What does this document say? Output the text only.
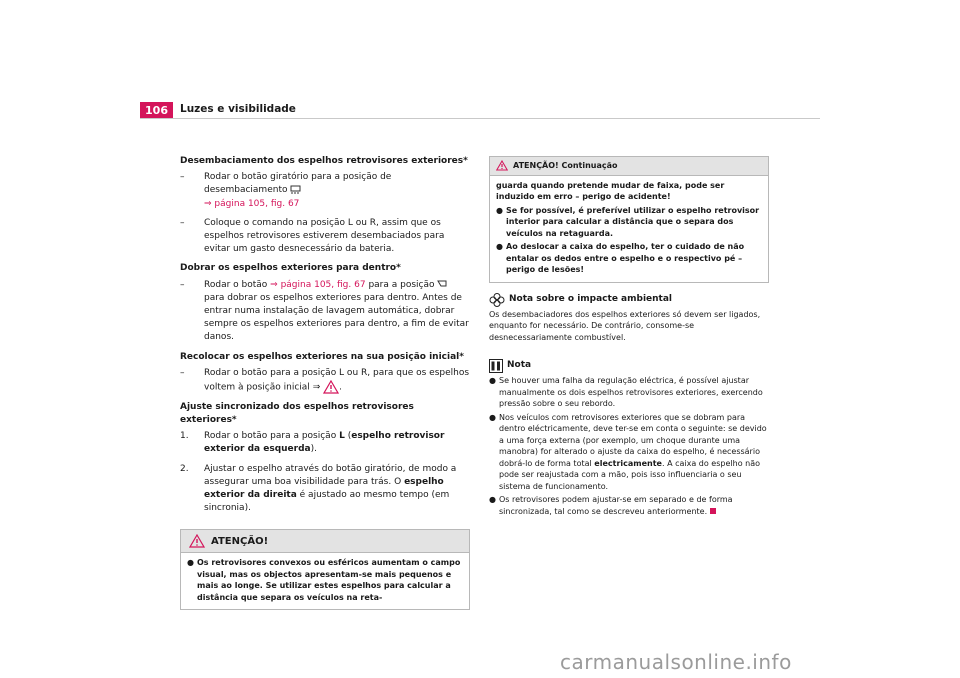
106	Luzes e visibilidade
Desembaciamento dos espelhos retrovisores exteriores*
– Rodar o botão giratório para a posição de desembaciamento
⇒ página 105, fig. 67
– Coloque o comando na posição L ou R, assim que os espelhos retrovisores estiverem desembaciados para evitar um gasto desnecessário da bateria.
Dobrar os espelhos exteriores para dentro*
– Rodar o botão ⇒ página 105, fig. 67 para a posição  para dobrar os espelhos exteriores para dentro. Antes de entrar numa instalação de lavagem automática, dobrar sempre os espelhos exteriores para dentro, a fim de evitar danos.
Recolocar os espelhos exteriores na sua posição inicial*
– Rodar o botão para a posição L ou R, para que os espelhos voltem à posição inicial ⇒ .
Ajuste sincronizado dos espelhos retrovisores exteriores*
1. Rodar o botão para a posição L (espelho retrovisor exterior da esquerda).
2. Ajustar o espelho através do botão giratório, de modo a assegurar uma boa visibilidade para trás. O espelho exterior da direita é ajustado ao mesmo tempo (em sincronia).
ATENÇÃO!
● Os retrovisores convexos ou esféricos aumentam o campo visual, mas os objectos apresentam-se mais pequenos e mais ao longe. Se utilizar estes espelhos para calcular a distância que separa os veículos na reta-
ATENÇÃO! Continuação
guarda quando pretende mudar de faixa, pode ser induzido em erro – perigo de acidente!
● Se for possível, é preferível utilizar o espelho retrovisor interior para calcular a distância que o separa dos veículos na retaguarda.
● Ao deslocar a caixa do espelho, ter o cuidado de não entalar os dedos entre o espelho e o respectivo pé – perigo de lesões!
Nota sobre o impacte ambiental
Os desembaciadores dos espelhos exteriores só devem ser ligados, enquanto for necessário. De contrário, consome-se desnecessariamente combustível.
Nota
● Se houver uma falha da regulação eléctrica, é possível ajustar manualmente os dois espelhos retrovisores exteriores, exercendo pressão sobre o seu rebordo.
● Nos veículos com retrovisores exteriores que se dobram para dentro eléctricamente, deve ter-se em conta o seguinte: se devido a uma força externa (por exemplo, um choque durante uma manobra) for alterado o ajuste da caixa do espelho, é necessário dobrá-lo de forma total electricamente. A caixa do espelho não pode ser reajustada com a mão, pois isso influenciaria o seu sistema de funcionamento.
● Os retrovisores podem ajustar-se em separado e de forma sincronizada, tal como se descreveu anteriormente.
carmanualsonline.info
